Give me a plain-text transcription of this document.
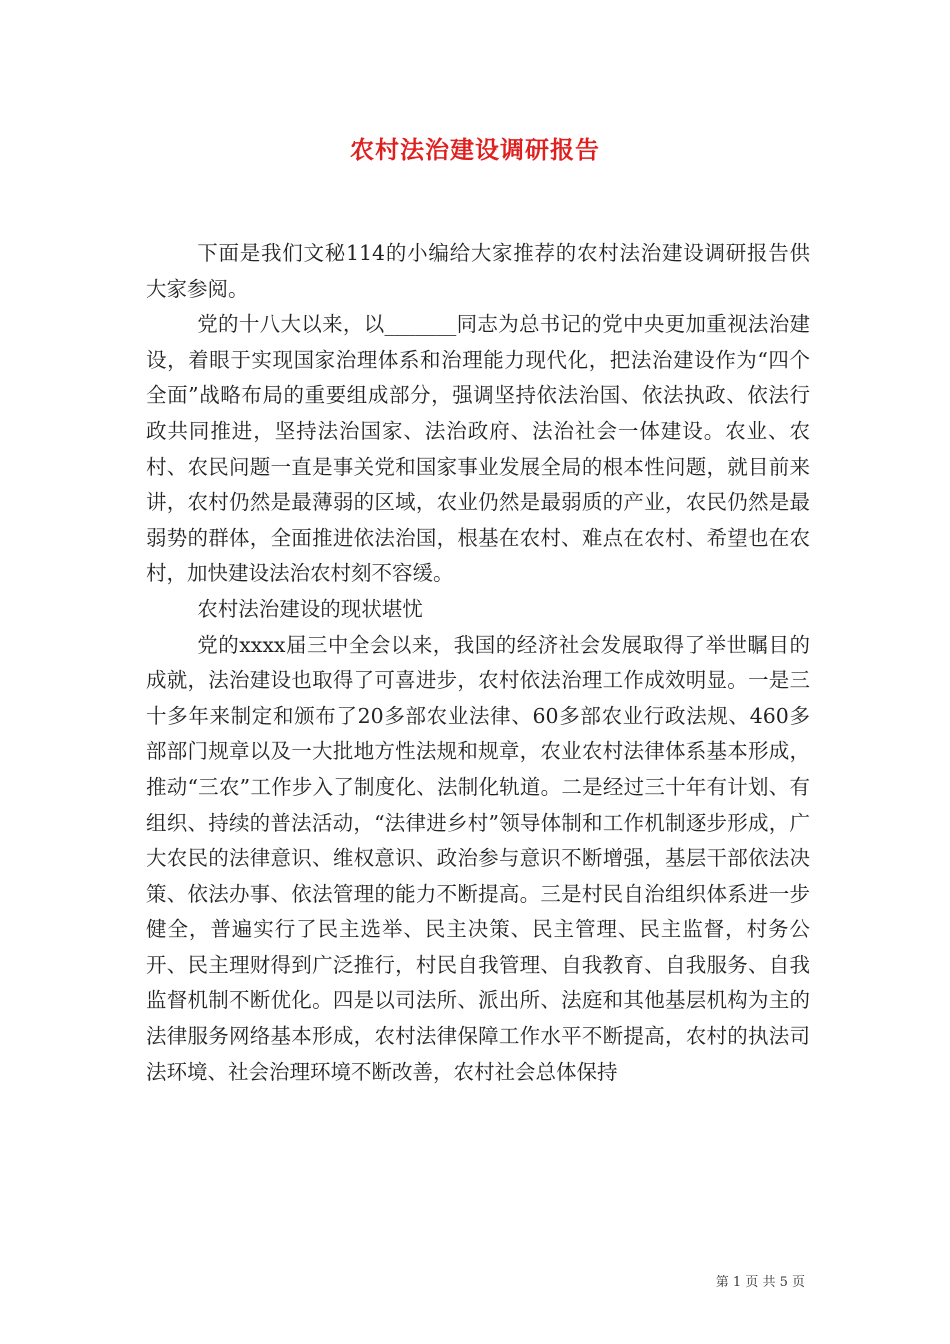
农村法治建设调研报告

下面是我们文秘114的小编给大家推荐的农村法治建设调研报告供大家参阅。

党的十八大以来，以_______同志为总书记的党中央更加重视法治建设，着眼于实现国家治理体系和治理能力现代化，把法治建设作为“四个全面”战略布局的重要组成部分，强调坚持依法治国、依法执政、依法行政共同推进，坚持法治国家、法治政府、法治社会一体建设。农业、农村、农民问题一直是事关党和国家事业发展全局的根本性问题，就目前来讲，农村仍然是最薄弱的区域，农业仍然是最弱质的产业，农民仍然是最弱势的群体，全面推进依法治国，根基在农村、难点在农村、希望也在农村，加快建设法治农村刻不容缓。

农村法治建设的现状堪忧

党的xxxx届三中全会以来，我国的经济社会发展取得了举世瞩目的成就，法治建设也取得了可喜进步，农村依法治理工作成效明显。一是三十多年来制定和颁布了20多部农业法律、60多部农业行政法规、460多部部门规章以及一大批地方性法规和规章，农业农村法律体系基本形成，推动“三农”工作步入了制度化、法制化轨道。二是经过三十年有计划、有组织、持续的普法活动，“法律进乡村”领导体制和工作机制逐步形成，广大农民的法律意识、维权意识、政治参与意识不断增强，基层干部依法决策、依法办事、依法管理的能力不断提高。三是村民自治组织体系进一步健全，普遍实行了民主选举、民主决策、民主管理、民主监督，村务公开、民主理财得到广泛推行，村民自我管理、自我教育、自我服务、自我监督机制不断优化。四是以司法所、派出所、法庭和其他基层机构为主的法律服务网络基本形成，农村法律保障工作水平不断提高，农村的执法司法环境、社会治理环境不断改善，农村社会总体保持

第 1 页 共 5 页
